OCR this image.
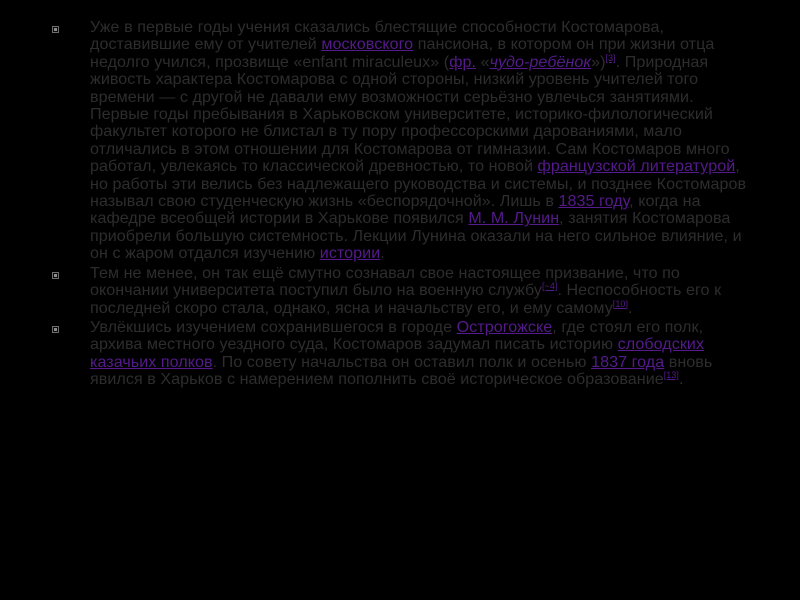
Уже в первые годы учения сказались блестящие способности Костомарова, доставившие ему от учителей московского пансиона, в котором он при жизни отца недолго учился, прозвище «enfant miraculeux» (фр. «чудо-ребёнок»)[3]. Природная живость характера Костомарова с одной стороны, низкий уровень учителей того времени — с другой не давали ему возможности серьёзно увлечься занятиями. Первые годы пребывания в Харьковском университете, историко-филологический факультет которого не блистал в ту пору профессорскими дарованиями, мало отличались в этом отношении для Костомарова от гимназии. Сам Костомаров много работал, увлекаясь то классической древностью, то новой французской литературой, но работы эти велись без надлежащего руководства и системы, и позднее Костомаров называл свою студенческую жизнь «беспорядочной». Лишь в 1835 году, когда на кафедре всеобщей истории в Харькове появился М. М. Лунин, занятия Костомарова приобрели большую системность. Лекции Лунина оказали на него сильное влияние, и он с жаром отдался изучению истории.
Тем не менее, он так ещё смутно сознавал свое настоящее призвание, что по окончании университета поступил было на военную службу[~4]. Неспособность его к последней скоро стала, однако, ясна и начальству его, и ему самому[10].
Увлёкшись изучением сохранившегося в городе Острогожске, где стоял его полк, архива местного уездного суда, Костомаров задумал писать историю слободских казачьих полков. По совету начальства он оставил полк и осенью 1837 года вновь явился в Харьков с намерением пополнить своё историческое образование[13].
